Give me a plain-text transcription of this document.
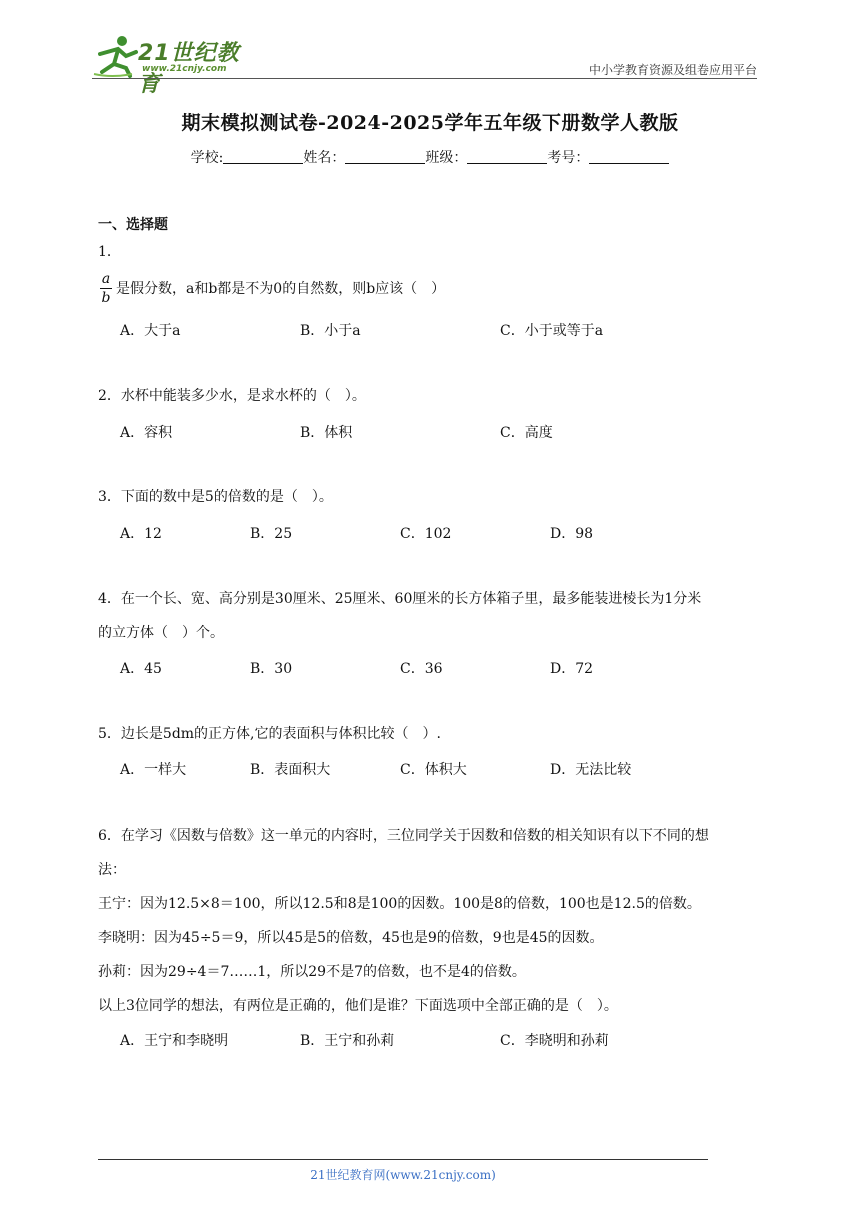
21世纪教育
www.21cnjy.com	中小学教育资源及组卷应用平台
期末模拟测试卷-2024-2025学年五年级下册数学人教版
学校:	姓名：	班级：	考号：
一、选择题
1．
a
b
是假分数，a和b都是不为0的自然数，则b应该（　）
A．大于a	B．小于a	C．小于或等于a
2．水杯中能装多少水，是求水杯的（　）。
A．容积	B．体积	C．高度
3．下面的数中是5的倍数的是（　）。
A．12	B．25	C．102	D．98
4．在一个长、宽、高分别是30厘米、25厘米、60厘米的长方体箱子里，最多能装进棱长为1分米
的立方体（　）个。
A．45	B．30	C．36	D．72
5．边长是5dm的正方体,它的表面积与体积比较（　）.
A．一样大	B．表面积大	C．体积大	D．无法比较
6．在学习《因数与倍数》这一单元的内容时，三位同学关于因数和倍数的相关知识有以下不同的想
法：
王宁：因为12.5×8＝100，所以12.5和8是100的因数。100是8的倍数，100也是12.5的倍数。
李晓明：因为45÷5＝9，所以45是5的倍数，45也是9的倍数，9也是45的因数。
孙莉：因为29÷4＝7……1，所以29不是7的倍数，也不是4的倍数。
以上3位同学的想法，有两位是正确的，他们是谁？下面选项中全部正确的是（　）。
A．王宁和李晓明	B．王宁和孙莉	C．李晓明和孙莉
21世纪教育网(www.21cnjy.com)
